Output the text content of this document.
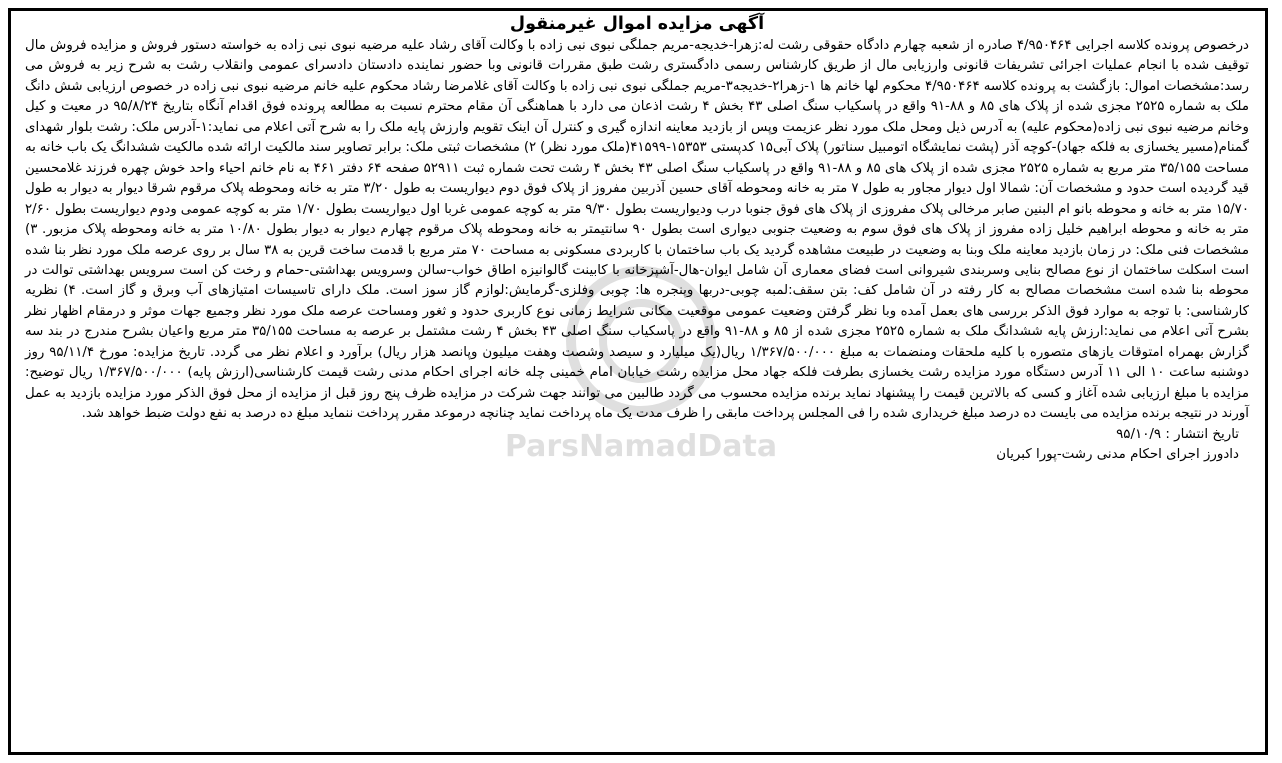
ParsNamadData
آگهی مزایده اموال غیرمنقول

درخصوص پرونده کلاسه اجرایی ۴/۹۵۰۴۶۴ صادره از شعبه چهارم دادگاه حقوقی رشت له:زهرا-خدیجه-مریم جملگی نبوی نبی زاده با وکالت آقای رشاد علیه مرضیه نبوی نبی زاده به خواسته دستور فروش و مزایده فروش مال توقیف شده با انجام عملیات اجرائی تشریفات قانونی وارزیابی مال از طریق کارشناس رسمی دادگستری رشت طبق مقررات قانونی وبا حضور نماینده دادستان دادسرای عمومی وانقلاب رشت به شرح زیر به فروش می رسد:مشخصات اموال: بازگشت به پرونده کلاسه ۴/۹۵۰۴۶۴ محکوم لها خانم ها ۱-زهرا۲-خدیجه۳-مریم جملگی نبوی نبی زاده با وکالت آقای غلامرضا رشاد محکوم علیه خانم مرضیه نبوی نبی زاده در خصوص ارزیابی شش دانگ ملک به شماره ۲۵۲۵ مجزی شده از پلاک های ۸۵ و ۸۸-۹۱ واقع در پاسکیاب سنگ اصلی ۴۳ بخش ۴ رشت اذعان می دارد با هماهنگی آن مقام محترم نسبت به مطالعه پرونده فوق اقدام آنگاه بتاریخ ۹۵/۸/۲۴ در معیت و کیل وخانم مرضیه نبوی نبی زاده(محکوم علیه) به آدرس ذیل ومحل ملک مورد نظر عزیمت وپس از بازدید معاینه اندازه گیری و کنترل آن اینک تقویم وارزش پایه ملک را به شرح آتی اعلام می نماید:۱-آدرس ملک: رشت بلوار شهدای گمنام(مسیر یخسازی به فلکه جهاد)-کوچه آذر (پشت نمایشگاه اتومبیل سناتور) پلاک آبی۱۵ کدپستی ۱۵۳۵۳-۴۱۵۹۹(ملک مورد نظر) ۲) مشخصات ثبتی ملک: برابر تصاویر سند مالکیت ارائه شده مالکیت ششدانگ یک باب خانه به مساحت ۳۵/۱۵۵ متر مربع به شماره ۲۵۲۵ مجزی شده از پلاک های ۸۵ و ۸۸-۹۱ واقع در پاسکیاب سنگ اصلی ۴۳ بخش ۴ رشت تحت شماره ثبت ۵۲۹۱۱ صفحه ۶۴ دفتر ۴۶۱ به نام خانم احیاء واحد خوش چهره فرزند غلامحسین قید گردیده است حدود و مشخصات آن: شمالا اول دیوار مجاور به طول ۷ متر به خانه ومحوطه آقای حسین آذربین مفروز از پلاک فوق دوم دیواریست به طول ۳/۲۰ متر به خانه ومحوطه پلاک مرقوم شرقا دیوار به دیوار به طول ۱۵/۷۰ متر به خانه و محوطه بانو ام البنین صابر مرخالی پلاک مفروزی از پلاک های فوق جنوبا درب ودیواریست بطول ۹/۳۰ متر به کوچه عمومی غربا اول دیواریست بطول ۱/۷۰ متر به کوچه عمومی ودوم دیواریست بطول ۲/۶۰ متر به خانه و محوطه ابراهیم خلیل زاده مفروز از پلاک های فوق سوم به وضعیت جنوبی دیواری است بطول ۹۰ سانتیمتر به خانه ومحوطه پلاک مرقوم چهارم دیوار به دیوار بطول ۱۰/۸۰ متر به خانه ومحوطه پلاک مزبور. ۳) مشخصات فنی ملک: در زمان بازدید معاینه ملک وبنا به وضعیت در طبیعت مشاهده گردید یک باب ساختمان با کاربردی مسکونی به مساحت ۷۰ متر مربع با قدمت ساخت قرین به ۳۸ سال بر روی عرصه ملک مورد نظر بنا شده است اسکلت ساختمان از نوع مصالح بنایی وسربندی شیروانی است فضای معماری آن شامل ایوان-هال-آشپزخانه با کابینت گالوانیزه اطاق خواب-سالن وسرویس بهداشتی-حمام و رخت کن است سرویس بهداشتی توالت در محوطه بنا شده است مشخصات مصالح به کار رفته در آن شامل کف: بتن سقف:لمبه چوبی-دربها وپنجره ها: چوبی وفلزی-گرمایش:لوازم گاز سوز است. ملک دارای تاسیسات امتیازهای آب وبرق و گاز است. ۴) نظریه کارشناسی: با توجه به موارد فوق الذکر بررسی های بعمل آمده وبا نظر گرفتن وضعیت عمومی موقعیت مکانی شرایط زمانی نوع کاربری حدود و ثغور ومساحت عرصه ملک مورد نظر وجمیع جهات موثر و درمقام اظهار نظر بشرح آتی اعلام می نماید:ارزش پایه ششدانگ ملک به شماره ۲۵۲۵ مجزی شده از ۸۵ و ۸۸-۹۱ واقع در پاسکیاب سنگ اصلی ۴۳ بخش ۴ رشت مشتمل بر عرصه به مساحت ۳۵/۱۵۵ متر مربع واعیان بشرح مندرج در بند سه گزارش بهمراه امتوقات یازهای متصوره با کلیه ملحقات ومنضمات به مبلغ ۱/۳۶۷/۵۰۰/۰۰۰ ریال(یک میلیارد و سیصد وشصت وهفت میلیون وپانصد هزار ریال) برآورد و اعلام نظر می گردد. تاریخ مزایده: مورخ ۹۵/۱۱/۴ روز دوشنبه ساعت ۱۰ الی ۱۱ آدرس دستگاه مورد مزایده رشت یخسازی بطرفت فلکه جهاد محل مزایده رشت خیابان امام خمینی چله خانه اجرای احکام مدنی رشت قیمت کارشناسی(ارزش پایه) ۱/۳۶۷/۵۰۰/۰۰۰ ریال توضیح: مزایده با مبلغ ارزیابی شده آغاز و کسی که بالاترین قیمت را پیشنهاد نماید برنده مزایده محسوب می گردد طالبین می توانند جهت شرکت در مزایده ظرف پنج روز قبل از مزایده از محل فوق الذکر مورد مزایده بازدید به عمل آورند در نتیجه برنده مزایده می بایست ده درصد مبلغ خریداری شده را فی المجلس پرداخت مابقی را ظرف مدت یک ماه پرداخت نماید چنانچه درموعد مقرر پرداخت ننماید مبلغ ده درصد به نفع دولت ضبط خواهد شد.

تاریخ انتشار : ۹۵/۱۰/۹
دادورز اجرای احکام مدنی رشت-پورا کبریان
